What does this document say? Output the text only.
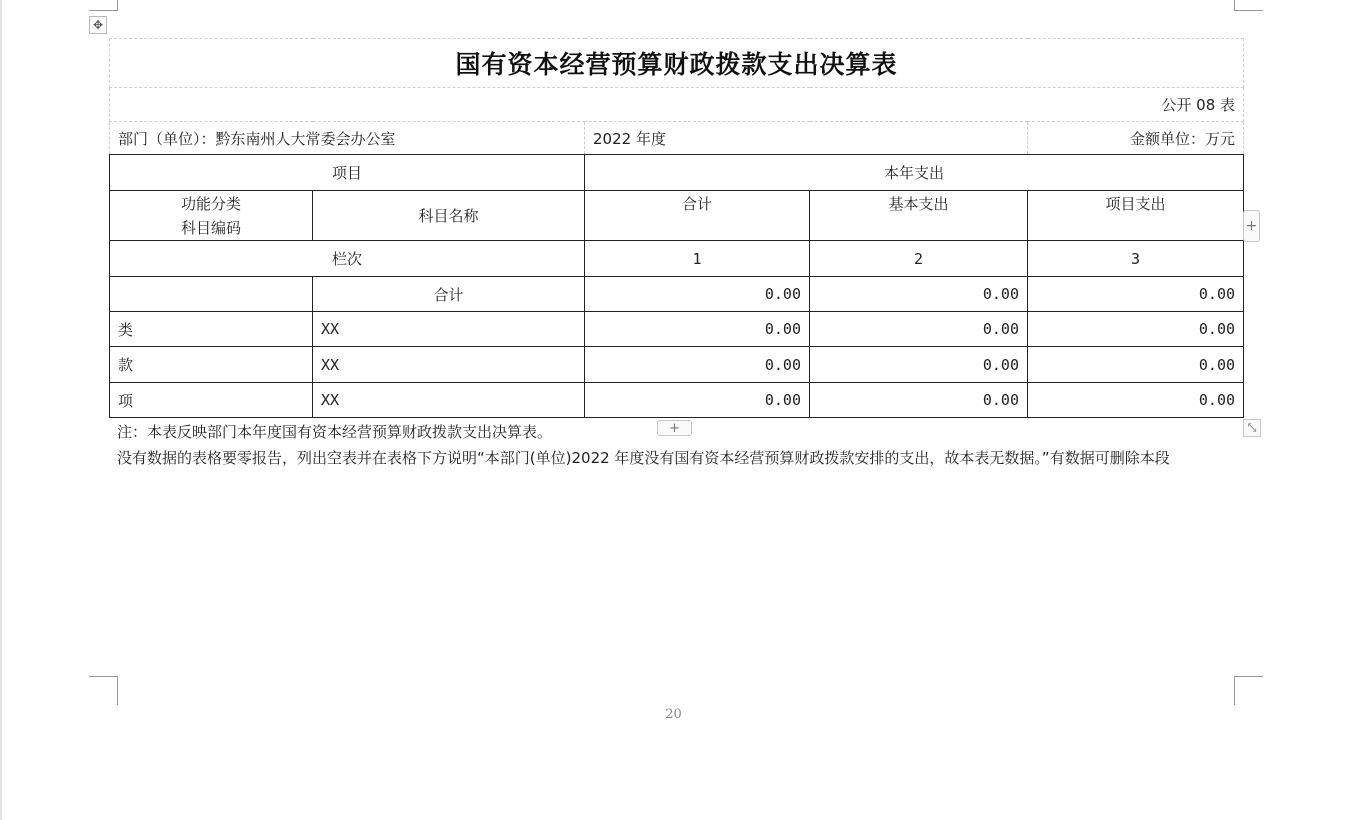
✥
国有资本经营预算财政拨款支出决算表				
公开 08 表				
部门（单位）：黔东南州人大常委会办公室		2022 年度		金额单位：万元
项目		本年支出		

功能分类
科目编码	科目名称	合计	基本支出	项目支出
栏次		1	2	3
	合计	0.00	0.00	0.00
类	XX	0.00	0.00	0.00
款	XX	0.00	0.00	0.00
项	XX	0.00	0.00	0.00
+
+	⤡

注：本表反映部门本年度国有资本经营预算财政拨款支出决算表。

没有数据的表格要零报告，列出空表并在表格下方说明“本部门(单位)2022 年度没有国有资本经营预算财政拨款安排的支出，故本表无数据。”有数据可删除本段

20
